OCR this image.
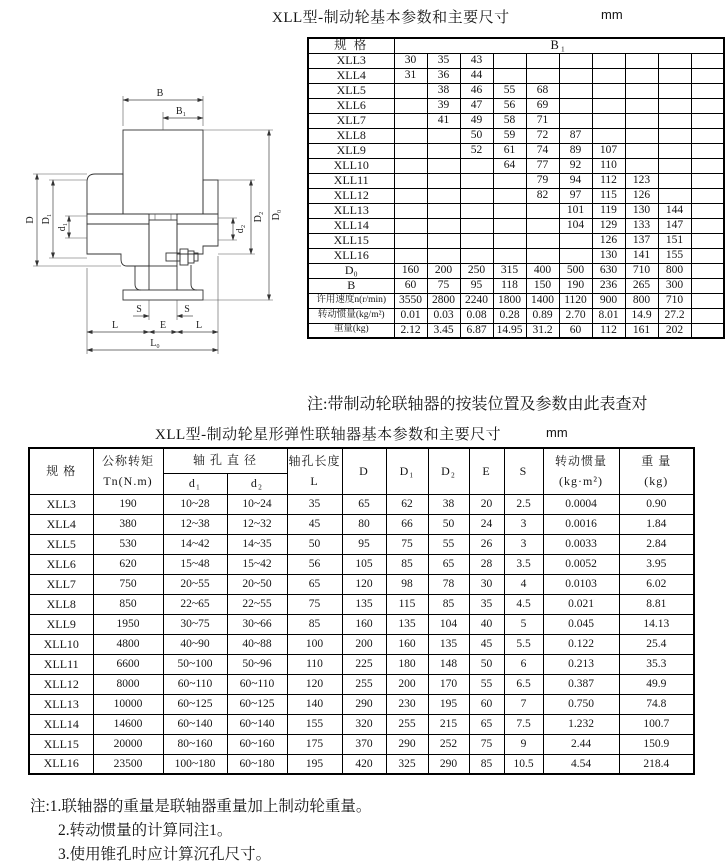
XLL型-制动轮基本参数和主要尺寸	mm
B
B₁
D D₁
d₁	d₂
D₂ D₀
S	S
L	E	L
L₀
规 格	B₁									
XLL3	30	35	43							
XLL4	31	36	44							
XLL5		38	46	55	68					
XLL6		39	47	56	69					
XLL7		41	49	58	71					
XLL8			50	59	72	87				
XLL9			52	61	74	89	107			
XLL10				64	77	92	110			
XLL11					79	94	112	123		
XLL12					82	97	115	126		
XLL13						101	119	130	144	
XLL14						104	129	133	147	
XLL15							126	137	151	
XLL16							130	141	155	
D₀	160	200	250	315	400	500	630	710	800	
B	60	75	95	118	150	190	236	265	300	
许用速度n(r/min)	3550	2800	2240	1800	1400	1120	900	800	710	
转动惯量(kg/m²)	0.01	0.03	0.08	0.28	0.89	2.70	8.01	14.9	27.2	
重量(kg)	2.12	3.45	6.87	14.95	31.2	60	112	161	202	
注:带制动轮联轴器的按装位置及参数由此表查对
XLL型-制动轮星形弹性联轴器基本参数和主要尺寸	mm
规 格	
公称转矩
Tn(N.m)
	轴 孔 直 径	轴孔长度
L
	D	D₁	D₂	E	S	
转动惯量
(kg·m²)

重 量
(kg)

		d₁	d₂								
XLL3	190	10~28	10~24	35	65	62	38	20	2.5	0.0004	0.90
XLL4	380	12~38	12~32	45	80	66	50	24	3	0.0016	1.84
XLL5	530	14~42	14~35	50	95	75	55	26	3	0.0033	2.84
XLL6	620	15~48	15~42	56	105	85	65	28	3.5	0.0052	3.95
XLL7	750	20~55	20~50	65	120	98	78	30	4	0.0103	6.02
XLL8	850	22~65	22~55	75	135	115	85	35	4.5	0.021	8.81
XLL9	1950	30~75	30~66	85	160	135	104	40	5	0.045	14.13
XLL10	4800	40~90	40~88	100	200	160	135	45	5.5	0.122	25.4
XLL11	6600	50~100	50~96	110	225	180	148	50	6	0.213	35.3
XLL12	8000	60~110	60~110	120	255	200	170	55	6.5	0.387	49.9
XLL13	10000	60~125	60~125	140	290	230	195	60	7	0.750	74.8
XLL14	14600	60~140	60~140	155	320	255	215	65	7.5	1.232	100.7
XLL15	20000	80~160	60~160	175	370	290	252	75	9	2.44	150.9
XLL16	23500	100~180	60~180	195	420	325	290	85	10.5	4.54	218.4
注:1.联轴器的重量是联轴器重量加上制动轮重量。
2.转动惯量的计算同注1。
3.使用锥孔时应计算沉孔尺寸。
